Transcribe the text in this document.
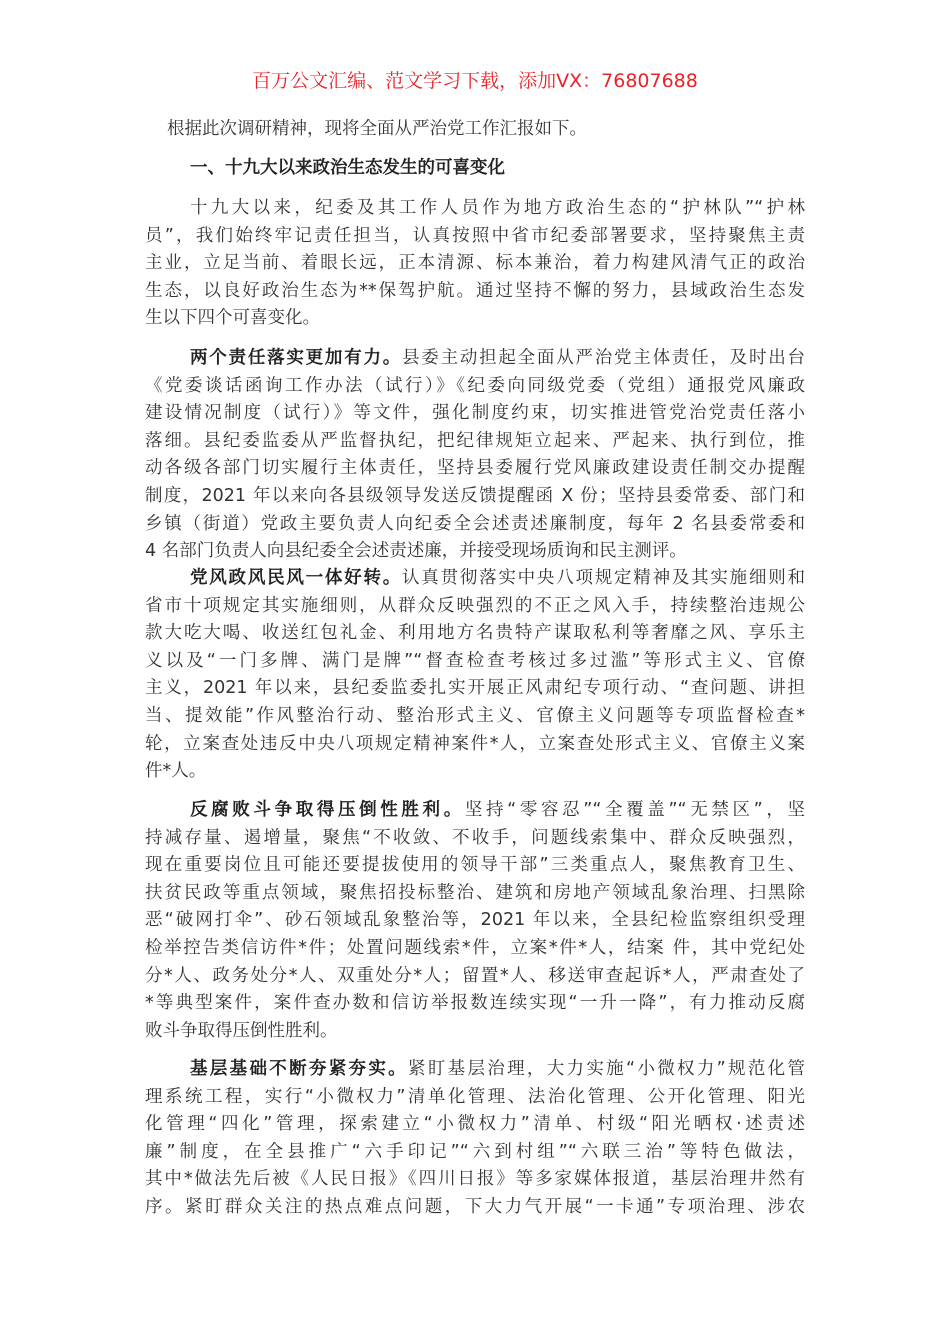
百万公文汇编、范文学习下载，添加VX：76807688
根据此次调研精神，现将全面从严治党工作汇报如下。
一、十九大以来政治生态发生的可喜变化
十九大以来，纪委及其工作人员作为地方政治生态的“护林队”“护林
员”，我们始终牢记责任担当，认真按照中省市纪委部署要求，坚持聚焦主责
主业，立足当前、着眼长远，正本清源、标本兼治，着力构建风清气正的政治
生态，以良好政治生态为**保驾护航。通过坚持不懈的努力，县域政治生态发
生以下四个可喜变化。
两个责任落实更加有力。县委主动担起全面从严治党主体责任，及时出台
《党委谈话函询工作办法（试行）》《纪委向同级党委（党组）通报党风廉政
建设情况制度（试行）》等文件，强化制度约束，切实推进管党治党责任落小
落细。县纪委监委从严监督执纪，把纪律规矩立起来、严起来、执行到位，推
动各级各部门切实履行主体责任，坚持县委履行党风廉政建设责任制交办提醒
制度，2021 年以来向各县级领导发送反馈提醒函 X 份；坚持县委常委、部门和
乡镇（街道）党政主要负责人向纪委全会述责述廉制度，每年 2 名县委常委和
4 名部门负责人向县纪委全会述责述廉，并接受现场质询和民主测评。
党风政风民风一体好转。认真贯彻落实中央八项规定精神及其实施细则和
省市十项规定其实施细则，从群众反映强烈的不正之风入手，持续整治违规公
款大吃大喝、收送红包礼金、利用地方名贵特产谋取私利等奢靡之风、享乐主
义以及“一门多牌、满门是牌”“督查检查考核过多过滥”等形式主义、官僚
主义，2021 年以来，县纪委监委扎实开展正风肃纪专项行动、“查问题、讲担
当、提效能”作风整治行动、整治形式主义、官僚主义问题等专项监督检查*
轮，立案查处违反中央八项规定精神案件*人，立案查处形式主义、官僚主义案
件*人。
反腐败斗争取得压倒性胜利。坚持“零容忍”“全覆盖”“无禁区”，坚
持减存量、遏增量，聚焦“不收敛、不收手，问题线索集中、群众反映强烈，
现在重要岗位且可能还要提拔使用的领导干部”三类重点人，聚焦教育卫生、
扶贫民政等重点领域，聚焦招投标整治、建筑和房地产领域乱象治理、扫黑除
恶“破网打伞”、砂石领域乱象整治等，2021 年以来，全县纪检监察组织受理
检举控告类信访件*件；处置问题线索*件，立案*件*人，结案 件，其中党纪处
分*人、政务处分*人、双重处分*人；留置*人、移送审查起诉*人，严肃查处了
*等典型案件，案件查办数和信访举报数连续实现“一升一降”，有力推动反腐
败斗争取得压倒性胜利。
基层基础不断夯紧夯实。紧盯基层治理，大力实施“小微权力”规范化管
理系统工程，实行“小微权力”清单化管理、法治化管理、公开化管理、阳光
化管理“四化”管理，探索建立“小微权力”清单、村级“阳光晒权·述责述
廉”制度，在全县推广“六手印记”“六到村组”“六联三治”等特色做法，
其中*做法先后被《人民日报》《四川日报》等多家媒体报道，基层治理井然有
序。紧盯群众关注的热点难点问题，下大力气开展“一卡通”专项治理、涉农
